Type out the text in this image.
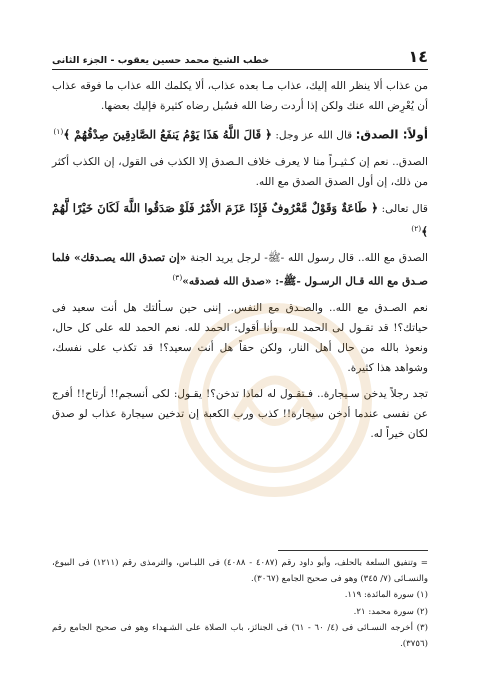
١٤
خطب الشيخ محمد حسين يعقوب - الجزء الثانى

من عذاب ألا ينظر الله إليك، عذاب مـا بعده عذاب، ألا يكلمك الله عذاب ما فوقه عذاب أن يُعْرِض الله عنك ولكن إذا أردت رضا الله فسُبل رضاه كثيرة فإليك بعضها.

أولاً: الصدق: قال الله عز وجل: ﴿ قَالَ اللَّهُ هَذَا يَوْمُ يَنفَعُ الصَّادِقِينَ صِدْقُهُمْ ﴾$^{(١)}$

الصدق.. نعم إن كـثيـراً منا لا يعرف خلاف الـصدق إلا الكذب فى القول، إن الكذب أكثر من ذلك، إن أول الصدق الصدق مع الله.

قال تعالى: ﴿ طَاعَةٌ وَقَوْلٌ مَّعْرُوفٌ فَإِذَا عَزَمَ الأَمْرُ فَلَوْ صَدَقُوا اللَّهَ لَكَانَ خَيْرًا لَّهُمْ ﴾$^{(٢)}$

الصدق مع الله.. قال رسول الله -ﷺ- لرجل يريد الجنة «إن تصدق الله يصـدقك» فلما صـدق مع الله قـال الرسـول -ﷺ-: «صدق الله فصدقه»$^{(٣)}$

نعم الصـدق مع الله.. والصـدق مع النفس.. إننى حين سـألتك هل أنت سعيد فى حياتك؟! قد تقـول لى الحمد لله، وأنا أقول: الحمد لله. نعم الحمد لله على كل حال، ونعوذ بالله من حال أهل النار، ولكن حقاً هل أنت سعيد؟! قد تكذب على نفسك، وشواهد هذا كثيرة.

تجد رجلاً يدخن سـيجارة.. فـتقـول له لماذا تدخن؟! يقـول: لكى أنسجم!! أرتاح!! أفرج عن نفسى عندما أدخن سيجارة!! كذب ورب الكعبة إن تدخين سيجارة عذاب لو صدق لكان خيراً له.

= وتنفيق السلعة بالحلف، وأبو داود رقم (٤٠٨٧ - ٤٠٨٨) فى اللبـاس، والترمذى رقم (١٢١١) فى البيوع، والنسـائى (٧/ ٣٤٥) وهو فى صحيح الجامع (٣٠٦٧).

(١) سورة المائدة: ١١٩.

(٢) سورة محمد: ٢١.

(٣) أخرجه النسـائى فى (٤/ ٦٠ - ٦١) فى الجنائز، باب الصلاة على الشـهداء وهو فى صحيح الجامع رقم (٣٧٥٦).
